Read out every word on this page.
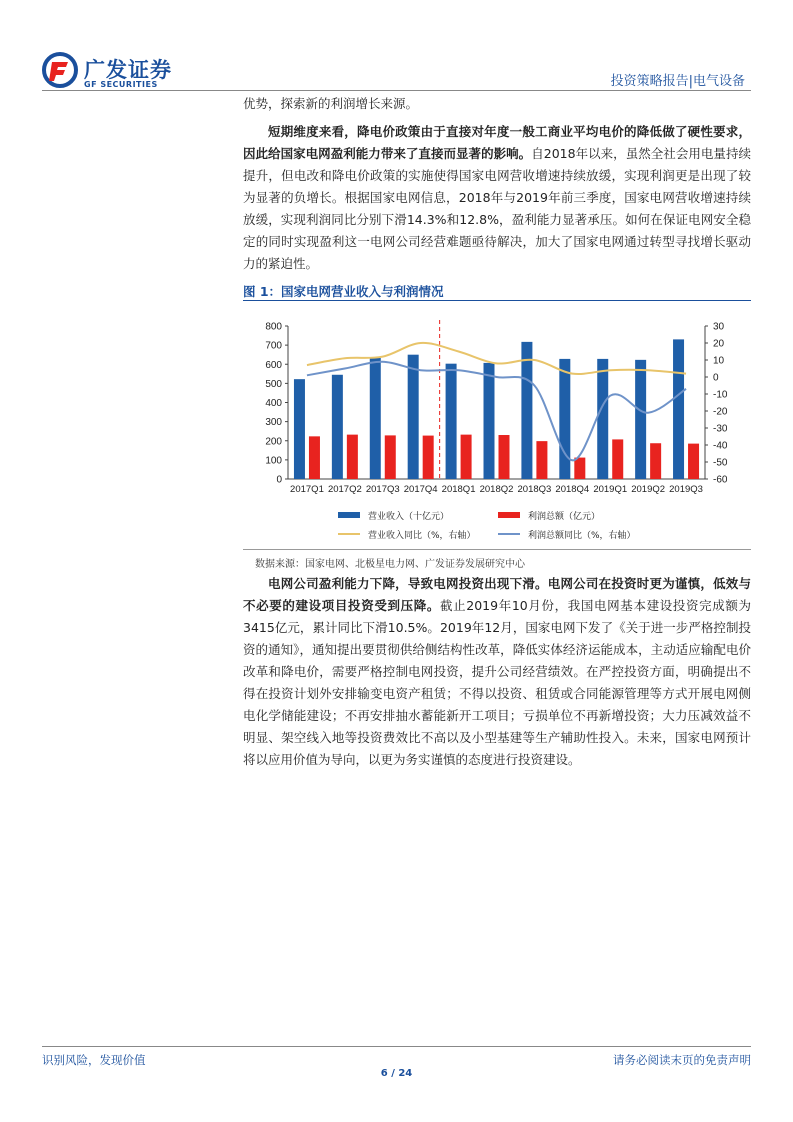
广发证券
GF SECURITIES	投资策略报告|电气设备
优势，探索新的利润增长来源。
短期维度来看，降电价政策由于直接对年度一般工商业平均电价的降低做了硬性要求，因此给国家电网盈利能力带来了直接而显著的影响。自2018年以来，虽然全社会用电量持续提升，但电改和降电价政策的实施使得国家电网营收增速持续放缓，实现利润更是出现了较为显著的负增长。根据国家电网信息，2018年与2019年前三季度，国家电网营收增速持续放缓，实现利润同比分别下滑14.3%和12.8%，盈利能力显著承压。如何在保证电网安全稳定的同时实现盈利这一电网公司经营难题亟待解决，加大了国家电网通过转型寻找增长驱动力的紧迫性。
图 1：国家电网营业收入与利润情况
0
100
200
300
400
500
600
700
800	30
20
10
0
-10
-20
-30
-40
-50
-60
2017Q1 2017Q2 2017Q3 2017Q4 2018Q1 2018Q2 2018Q3 2018Q4 2019Q1 2019Q2 2019Q3
营业收入（十亿元）	利润总额（亿元）
营业收入同比（%，右轴）	利润总额同比（%，右轴）
数据来源：国家电网、北极星电力网、广发证券发展研究中心
电网公司盈利能力下降，导致电网投资出现下滑。电网公司在投资时更为谨慎，低效与不必要的建设项目投资受到压降。截止2019年10月份，我国电网基本建设投资完成额为3415亿元，累计同比下滑10.5%。2019年12月，国家电网下发了《关于进一步严格控制投资的通知》，通知提出要贯彻供给侧结构性改革，降低实体经济运能成本，主动适应输配电价改革和降电价，需要严格控制电网投资，提升公司经营绩效。在严控投资方面，明确提出不得在投资计划外安排输变电资产租赁；不得以投资、租赁或合同能源管理等方式开展电网侧电化学储能建设；不再安排抽水蓄能新开工项目；亏损单位不再新增投资；大力压减效益不明显、架空线入地等投资费效比不高以及小型基建等生产辅助性投入。未来，国家电网预计将以应用价值为导向，以更为务实谨慎的态度进行投资建设。
识别风险，发现价值	请务必阅读末页的免责声明
6 / 24
